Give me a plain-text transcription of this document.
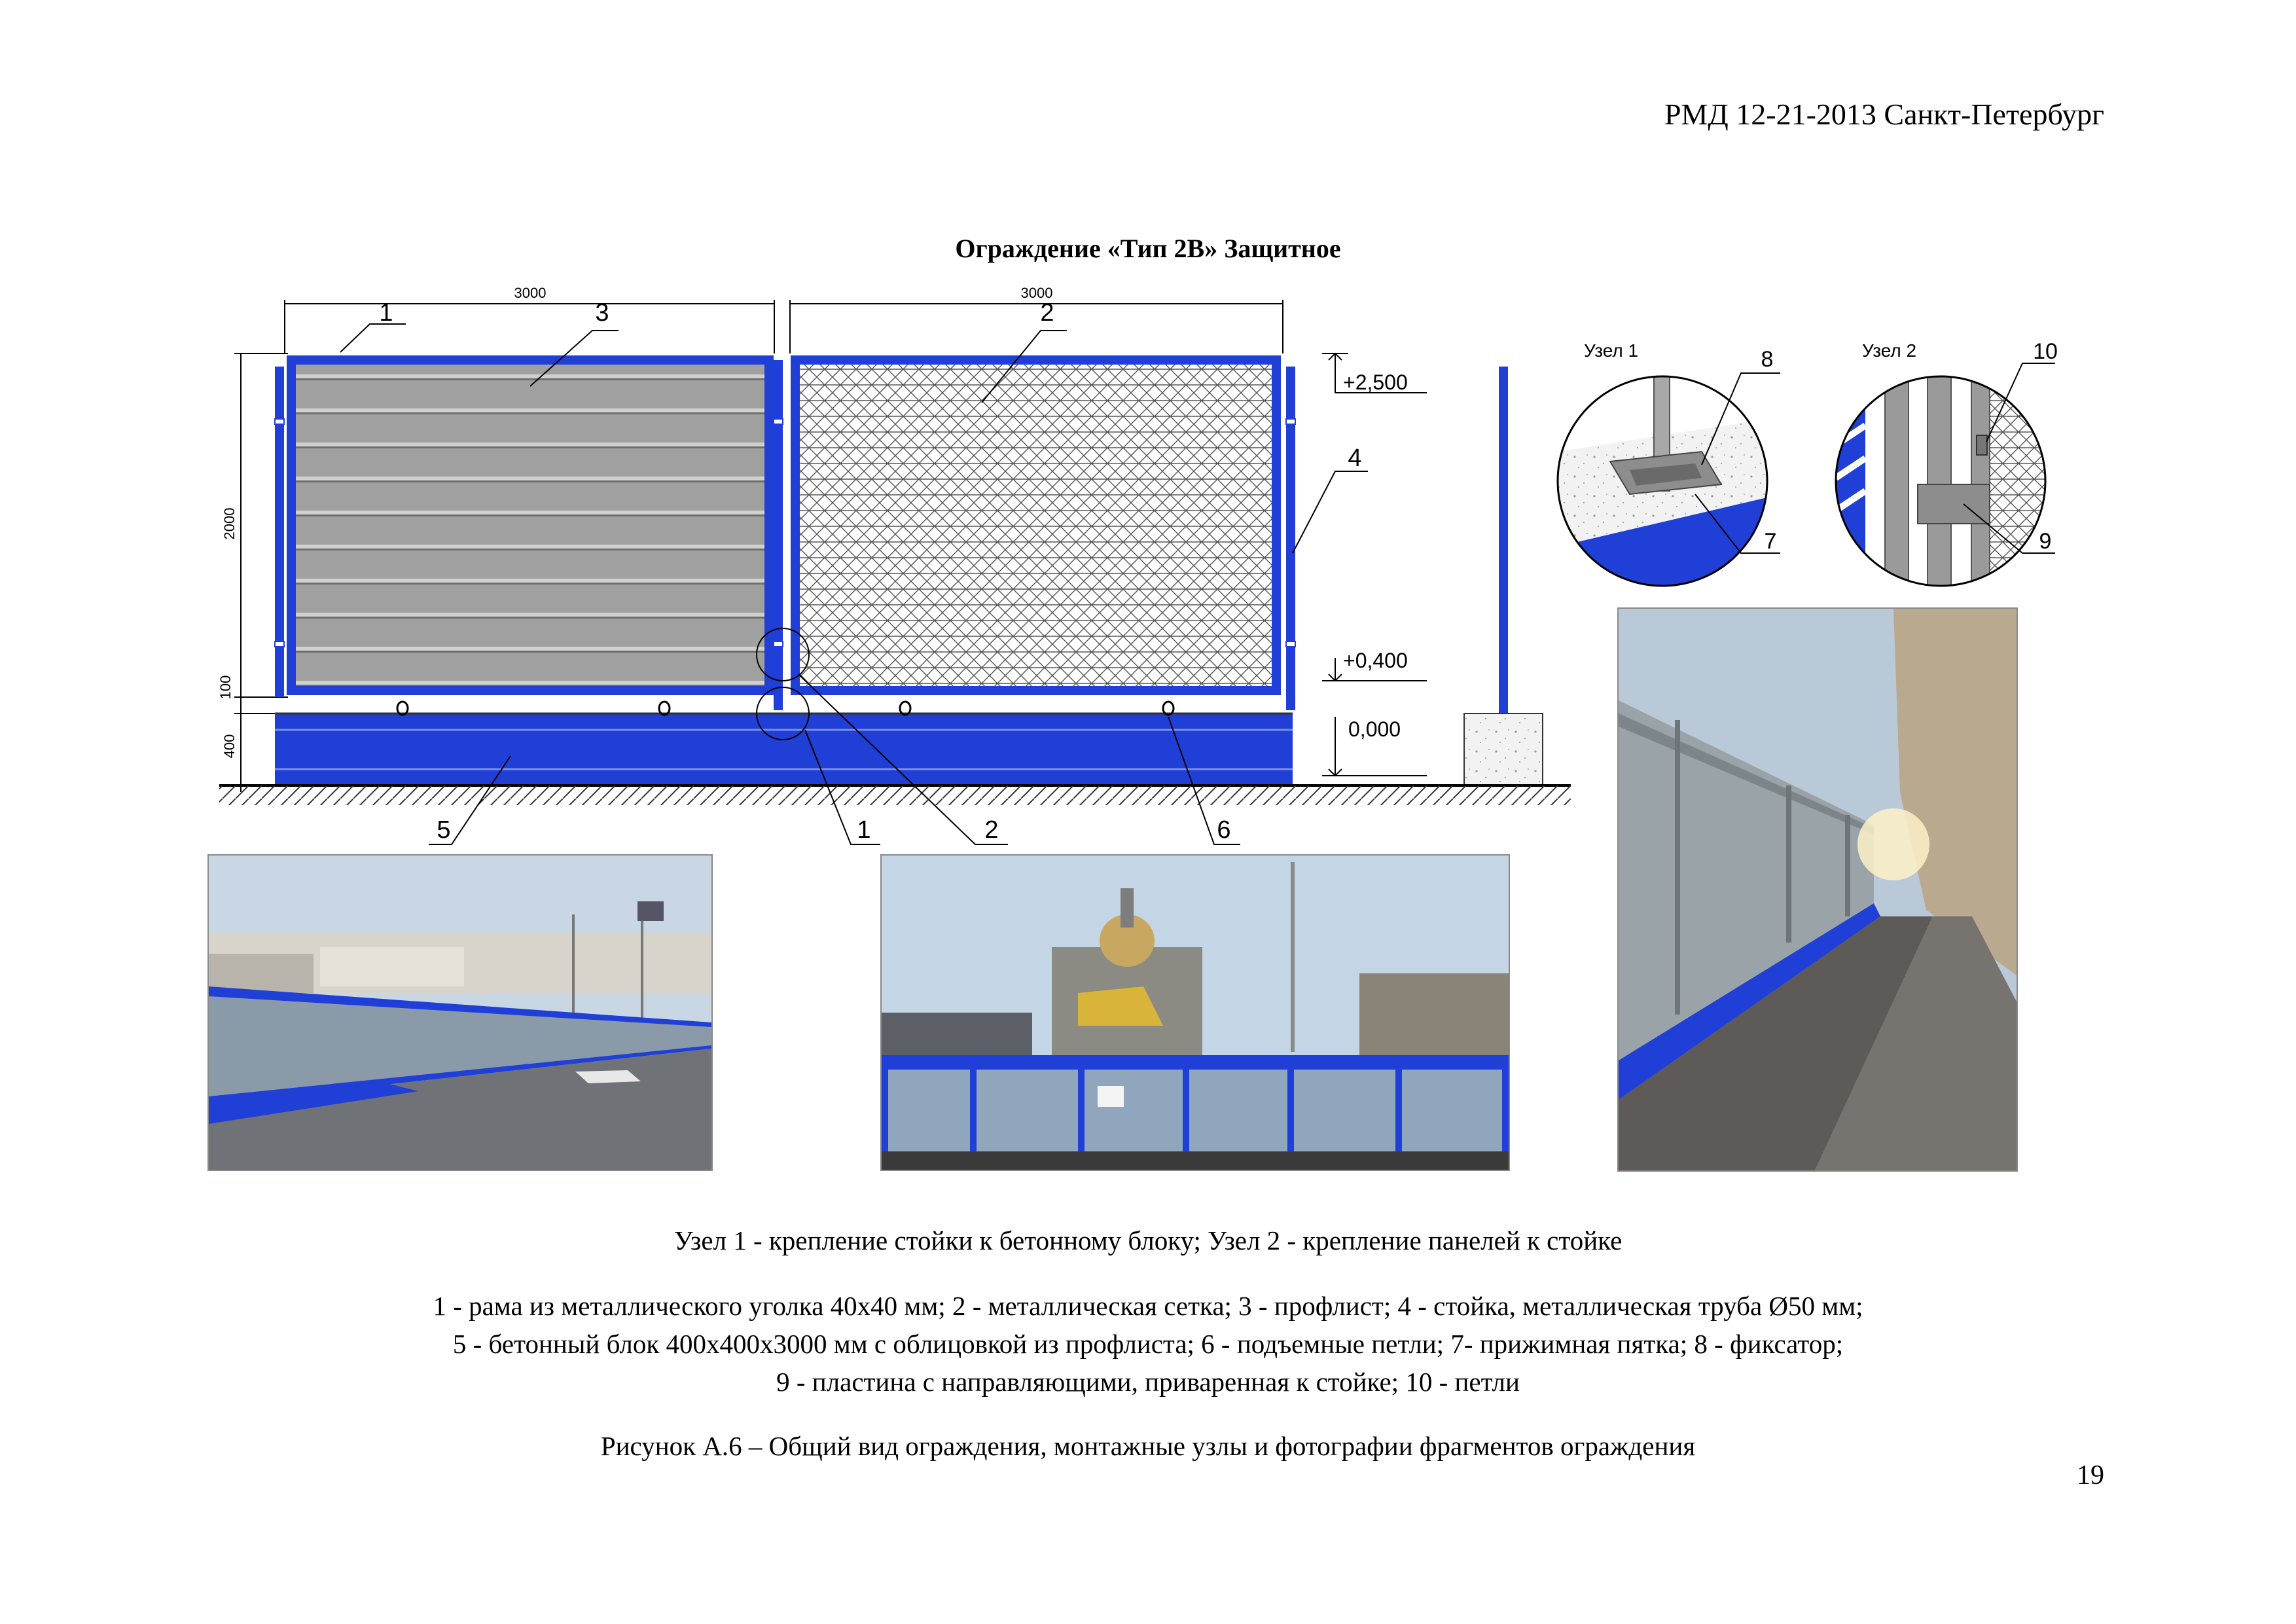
РМД 12-21-2013 Санкт-Петербург
Ограждение «Тип 2В» Защитное
3000	3000
2000
100
400
+2,500
+0,400
0,000
1	3	2
4
5	1	2	6
Узел 1	8
7
Узел 2	10
9
Узел 1 - крепление стойки к бетонному блоку; Узел 2 - крепление панелей к стойке
1 - рама из металлического уголка 40х40 мм; 2 - металлическая сетка; 3 - профлист; 4 - стойка, металлическая труба Ø50 мм;
5 - бетонный блок 400х400х3000 мм с облицовкой из профлиста; 6 - подъемные петли; 7- прижимная пятка; 8 - фиксатор;
9 - пластина с направляющими, приваренная к стойке; 10 - петли
Рисунок А.6 – Общий вид ограждения, монтажные узлы и фотографии фрагментов ограждения
19
